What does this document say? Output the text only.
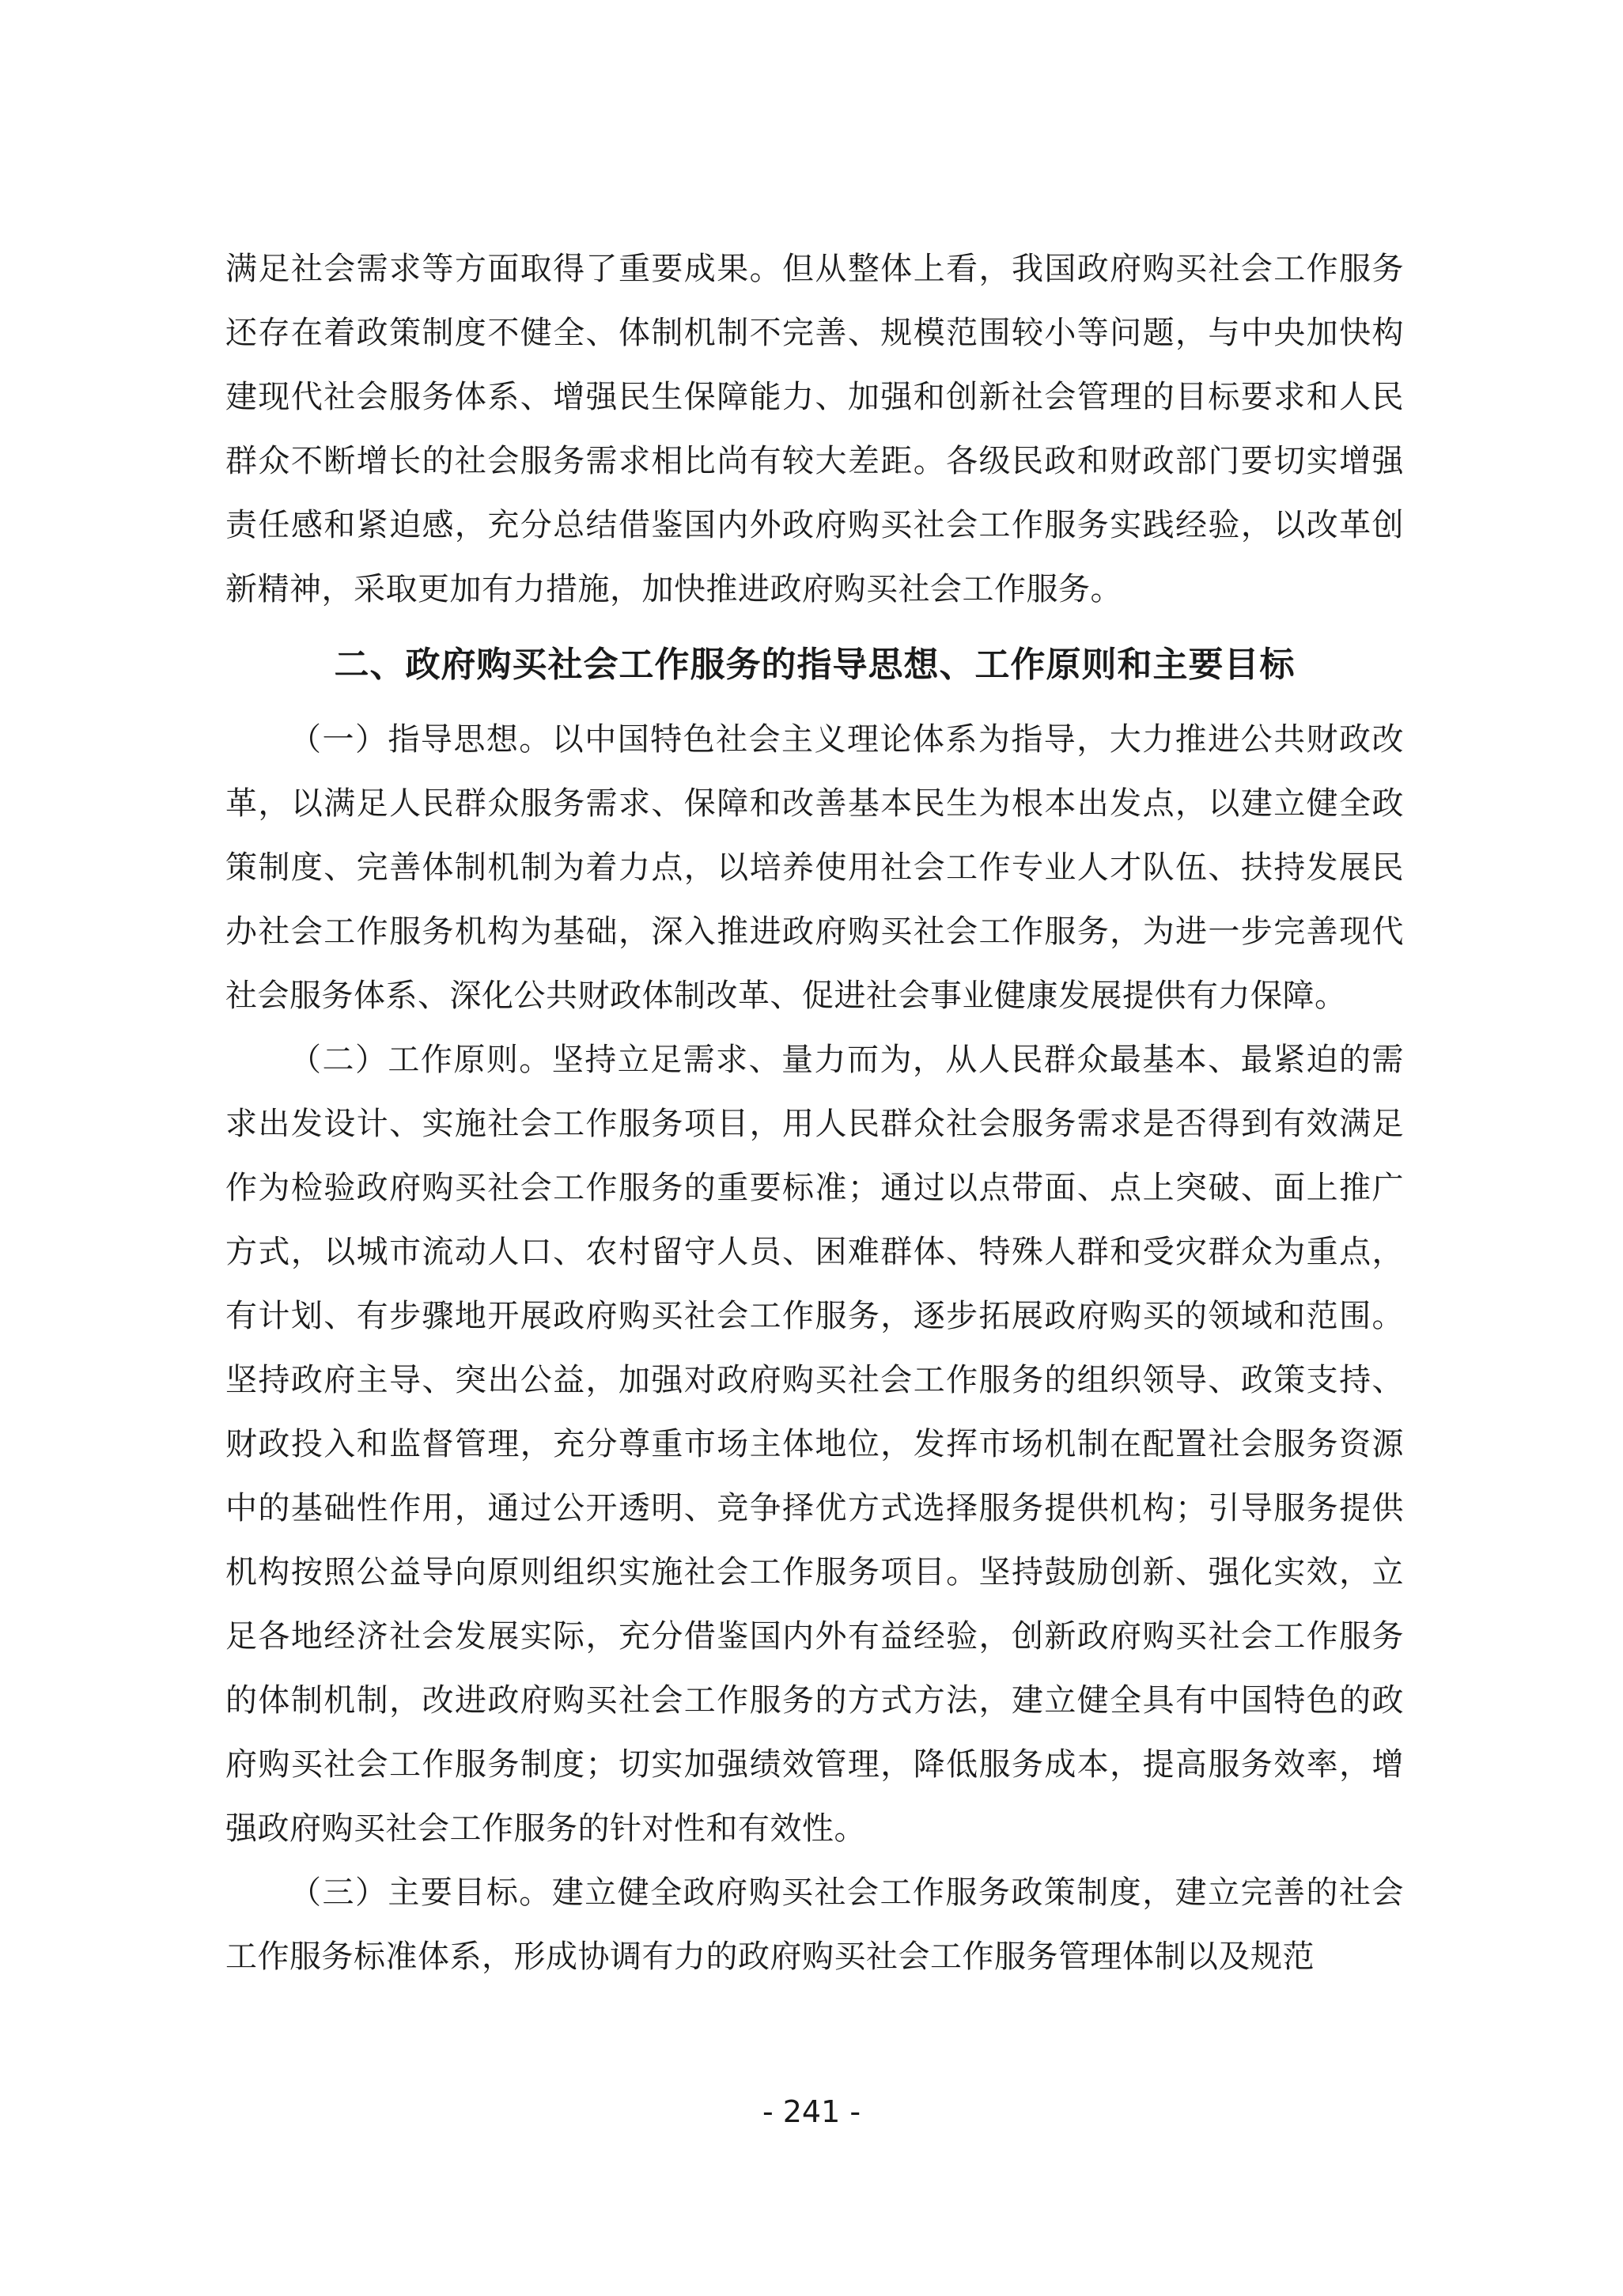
满足社会需求等方面取得了重要成果。但从整体上看，我国政府购买社会工作服务还存在着政策制度不健全、体制机制不完善、规模范围较小等问题，与中央加快构建现代社会服务体系、增强民生保障能力、加强和创新社会管理的目标要求和人民群众不断增长的社会服务需求相比尚有较大差距。各级民政和财政部门要切实增强责任感和紧迫感，充分总结借鉴国内外政府购买社会工作服务实践经验，以改革创新精神，采取更加有力措施，加快推进政府购买社会工作服务。

二、政府购买社会工作服务的指导思想、工作原则和主要目标

（一）指导思想。以中国特色社会主义理论体系为指导，大力推进公共财政改革，以满足人民群众服务需求、保障和改善基本民生为根本出发点，以建立健全政策制度、完善体制机制为着力点，以培养使用社会工作专业人才队伍、扶持发展民办社会工作服务机构为基础，深入推进政府购买社会工作服务，为进一步完善现代社会服务体系、深化公共财政体制改革、促进社会事业健康发展提供有力保障。

（二）工作原则。坚持立足需求、量力而为，从人民群众最基本、最紧迫的需求出发设计、实施社会工作服务项目，用人民群众社会服务需求是否得到有效满足作为检验政府购买社会工作服务的重要标准；通过以点带面、点上突破、面上推广方式，以城市流动人口、农村留守人员、困难群体、特殊人群和受灾群众为重点，有计划、有步骤地开展政府购买社会工作服务，逐步拓展政府购买的领域和范围。坚持政府主导、突出公益，加强对政府购买社会工作服务的组织领导、政策支持、财政投入和监督管理，充分尊重市场主体地位，发挥市场机制在配置社会服务资源中的基础性作用，通过公开透明、竞争择优方式选择服务提供机构；引导服务提供机构按照公益导向原则组织实施社会工作服务项目。坚持鼓励创新、强化实效，立足各地经济社会发展实际，充分借鉴国内外有益经验，创新政府购买社会工作服务的体制机制，改进政府购买社会工作服务的方式方法，建立健全具有中国特色的政府购买社会工作服务制度；切实加强绩效管理，降低服务成本，提高服务效率，增强政府购买社会工作服务的针对性和有效性。

（三）主要目标。建立健全政府购买社会工作服务政策制度，建立完善的社会工作服务标准体系，形成协调有力的政府购买社会工作服务管理体制以及规范

- 241 -
